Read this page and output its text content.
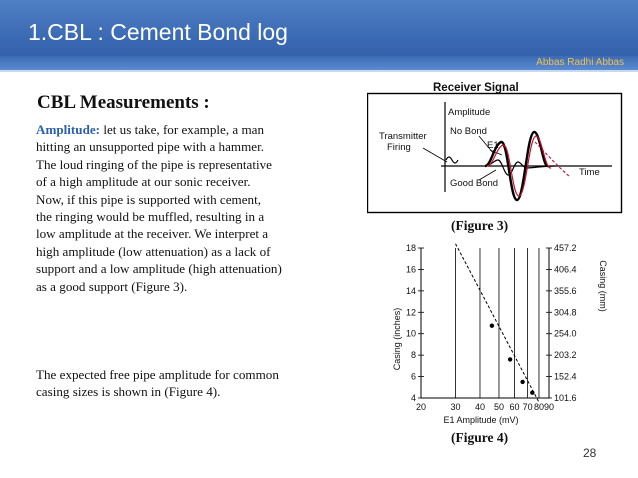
1.CBL : Cement Bond log
Abbas Radhi Abbas
CBL Measurements :
Amplitude: let us take, for example, a man
hitting an unsupported pipe with a hammer.
The loud ringing of the pipe is representative
of a high amplitude at our sonic receiver.
Now, if this pipe is supported with cement,
the ringing would be muffled, resulting in a
low amplitude at the receiver. We interpret a
high amplitude (low attenuation) as a lack of
support and a low amplitude (high attenuation)
as a good support (Figure 3).

The expected free pipe amplitude for common
casing sizes is shown in (Figure 4).
Receiver Signal
Amplitude
Transmitter
Firing
No Bond
E1
Good Bond
Time
(Figure 3)
20	30 40 50 60 70 80 90
18	457.2
16	406.4
14	355.6
12	304.8
10	254.0
8	203.2
6	152.4
4	101.6
Casing (inches)
Casing (mm)
E1 Amplitude (mV)
(Figure 4)
28
